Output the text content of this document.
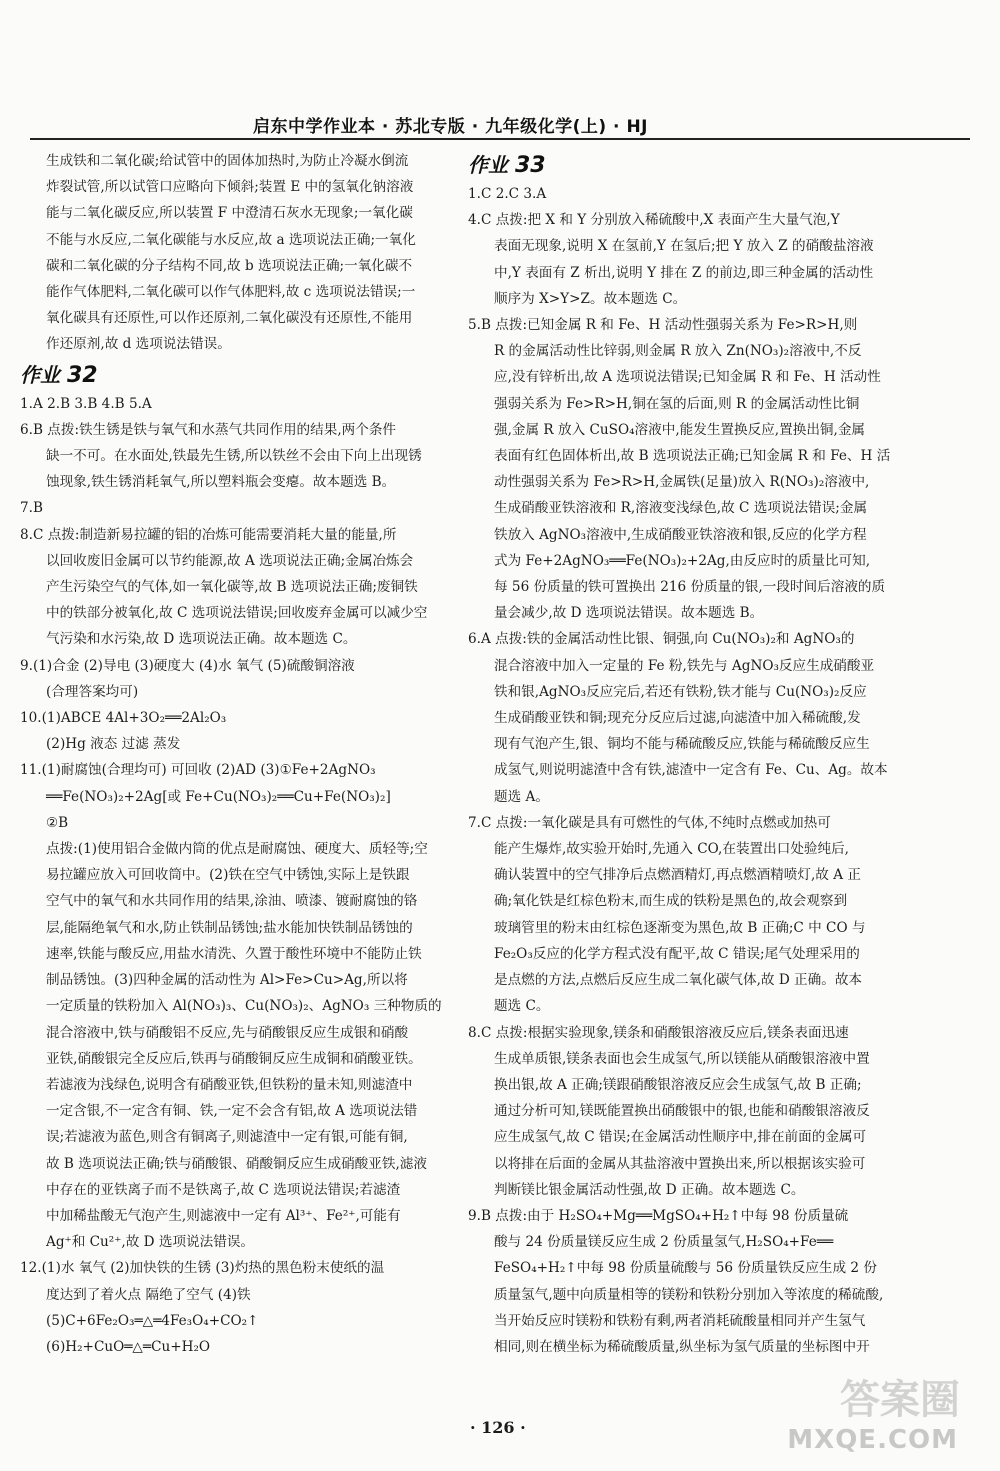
启东中学作业本 · 苏北专版 · 九年级化学(上) · HJ

生成铁和二氧化碳;给试管中的固体加热时,为防止冷凝水倒流

炸裂试管,所以试管口应略向下倾斜;装置 E 中的氢氧化钠溶液

能与二氧化碳反应,所以装置 F 中澄清石灰水无现象;一氧化碳

不能与水反应,二氧化碳能与水反应,故 a 选项说法正确;一氧化

碳和二氧化碳的分子结构不同,故 b 选项说法正确;一氧化碳不

能作气体肥料,二氧化碳可以作气体肥料,故 c 选项说法错误;一

氧化碳具有还原性,可以作还原剂,二氧化碳没有还原性,不能用

作还原剂,故 d 选项说法错误。

作业 32

1.A 2.B 3.B 4.B 5.A

6.B 点拨:铁生锈是铁与氧气和水蒸气共同作用的结果,两个条件

缺一不可。在水面处,铁最先生锈,所以铁丝不会由下向上出现锈

蚀现象,铁生锈消耗氧气,所以塑料瓶会变瘪。故本题选 B。

7.B

8.C 点拨:制造新易拉罐的铝的冶炼可能需要消耗大量的能量,所

以回收废旧金属可以节约能源,故 A 选项说法正确;金属冶炼会

产生污染空气的气体,如一氧化碳等,故 B 选项说法正确;废铜铁

中的铁部分被氧化,故 C 选项说法错误;回收废弃金属可以减少空

气污染和水污染,故 D 选项说法正确。故本题选 C。

9.(1)合金 (2)导电 (3)硬度大 (4)水 氧气 (5)硫酸铜溶液

(合理答案均可)

10.(1)ABCE 4Al+3O₂══2Al₂O₃

(2)Hg 液态 过滤 蒸发

11.(1)耐腐蚀(合理均可) 可回收 (2)AD (3)①Fe+2AgNO₃

══Fe(NO₃)₂+2Ag[或 Fe+Cu(NO₃)₂══Cu+Fe(NO₃)₂]

②B

点拨:(1)使用铝合金做内筒的优点是耐腐蚀、硬度大、质轻等;空

易拉罐应放入可回收筒中。(2)铁在空气中锈蚀,实际上是铁跟

空气中的氧气和水共同作用的结果,涂油、喷漆、镀耐腐蚀的铬

层,能隔绝氧气和水,防止铁制品锈蚀;盐水能加快铁制品锈蚀的

速率,铁能与酸反应,用盐水清洗、久置于酸性环境中不能防止铁

制品锈蚀。(3)四种金属的活动性为 Al>Fe>Cu>Ag,所以将

一定质量的铁粉加入 Al(NO₃)₃、Cu(NO₃)₂、AgNO₃ 三种物质的

混合溶液中,铁与硝酸铝不反应,先与硝酸银反应生成银和硝酸

亚铁,硝酸银完全反应后,铁再与硝酸铜反应生成铜和硝酸亚铁。

若滤液为浅绿色,说明含有硝酸亚铁,但铁粉的量未知,则滤渣中

一定含银,不一定含有铜、铁,一定不会含有铝,故 A 选项说法错

误;若滤液为蓝色,则含有铜离子,则滤渣中一定有银,可能有铜,

故 B 选项说法正确;铁与硝酸银、硝酸铜反应生成硝酸亚铁,滤液

中存在的亚铁离子而不是铁离子,故 C 选项说法错误;若滤渣

中加稀盐酸无气泡产生,则滤液中一定有 Al³⁺、Fe²⁺,可能有

Ag⁺和 Cu²⁺,故 D 选项说法错误。

12.(1)水 氧气 (2)加快铁的生锈 (3)灼热的黑色粉末使纸的温

度达到了着火点 隔绝了空气 (4)铁

(5)C+6Fe₂O₃═△═4Fe₃O₄+CO₂↑

(6)H₂+CuO═△═Cu+H₂O

作业 33

1.C 2.C 3.A

4.C 点拨:把 X 和 Y 分别放入稀硫酸中,X 表面产生大量气泡,Y

表面无现象,说明 X 在氢前,Y 在氢后;把 Y 放入 Z 的硝酸盐溶液

中,Y 表面有 Z 析出,说明 Y 排在 Z 的前边,即三种金属的活动性

顺序为 X>Y>Z。故本题选 C。

5.B 点拨:已知金属 R 和 Fe、H 活动性强弱关系为 Fe>R>H,则

R 的金属活动性比锌弱,则金属 R 放入 Zn(NO₃)₂溶液中,不反

应,没有锌析出,故 A 选项说法错误;已知金属 R 和 Fe、H 活动性

强弱关系为 Fe>R>H,铜在氢的后面,则 R 的金属活动性比铜

强,金属 R 放入 CuSO₄溶液中,能发生置换反应,置换出铜,金属

表面有红色固体析出,故 B 选项说法正确;已知金属 R 和 Fe、H 活

动性强弱关系为 Fe>R>H,金属铁(足量)放入 R(NO₃)₂溶液中,

生成硝酸亚铁溶液和 R,溶液变浅绿色,故 C 选项说法错误;金属

铁放入 AgNO₃溶液中,生成硝酸亚铁溶液和银,反应的化学方程

式为 Fe+2AgNO₃══Fe(NO₃)₂+2Ag,由反应时的质量比可知,

每 56 份质量的铁可置换出 216 份质量的银,一段时间后溶液的质

量会减少,故 D 选项说法错误。故本题选 B。

6.A 点拨:铁的金属活动性比银、铜强,向 Cu(NO₃)₂和 AgNO₃的

混合溶液中加入一定量的 Fe 粉,铁先与 AgNO₃反应生成硝酸亚

铁和银,AgNO₃反应完后,若还有铁粉,铁才能与 Cu(NO₃)₂反应

生成硝酸亚铁和铜;现充分反应后过滤,向滤渣中加入稀硫酸,发

现有气泡产生,银、铜均不能与稀硫酸反应,铁能与稀硫酸反应生

成氢气,则说明滤渣中含有铁,滤渣中一定含有 Fe、Cu、Ag。故本

题选 A。

7.C 点拨:一氧化碳是具有可燃性的气体,不纯时点燃或加热可

能产生爆炸,故实验开始时,先通入 CO,在装置出口处验纯后,

确认装置中的空气排净后点燃酒精灯,再点燃酒精喷灯,故 A 正

确;氧化铁是红棕色粉末,而生成的铁粉是黑色的,故会观察到

玻璃管里的粉末由红棕色逐渐变为黑色,故 B 正确;C 中 CO 与

Fe₂O₃反应的化学方程式没有配平,故 C 错误;尾气处理采用的

是点燃的方法,点燃后反应生成二氧化碳气体,故 D 正确。故本

题选 C。

8.C 点拨:根据实验现象,镁条和硝酸银溶液反应后,镁条表面迅速

生成单质银,镁条表面也会生成氢气,所以镁能从硝酸银溶液中置

换出银,故 A 正确;镁跟硝酸银溶液反应会生成氢气,故 B 正确;

通过分析可知,镁既能置换出硝酸银中的银,也能和硝酸银溶液反

应生成氢气,故 C 错误;在金属活动性顺序中,排在前面的金属可

以将排在后面的金属从其盐溶液中置换出来,所以根据该实验可

判断镁比银金属活动性强,故 D 正确。故本题选 C。

9.B 点拨:由于 H₂SO₄+Mg══MgSO₄+H₂↑中每 98 份质量硫

酸与 24 份质量镁反应生成 2 份质量氢气,H₂SO₄+Fe══

FeSO₄+H₂↑中每 98 份质量硫酸与 56 份质量铁反应生成 2 份

质量氢气,题中向质量相等的镁粉和铁粉分别加入等浓度的稀硫酸,

当开始反应时镁粉和铁粉有剩,两者消耗硫酸量相同并产生氢气

相同,则在横坐标为稀硫酸质量,纵坐标为氢气质量的坐标图中开

· 126 ·
答案圈
MXQE.COM
